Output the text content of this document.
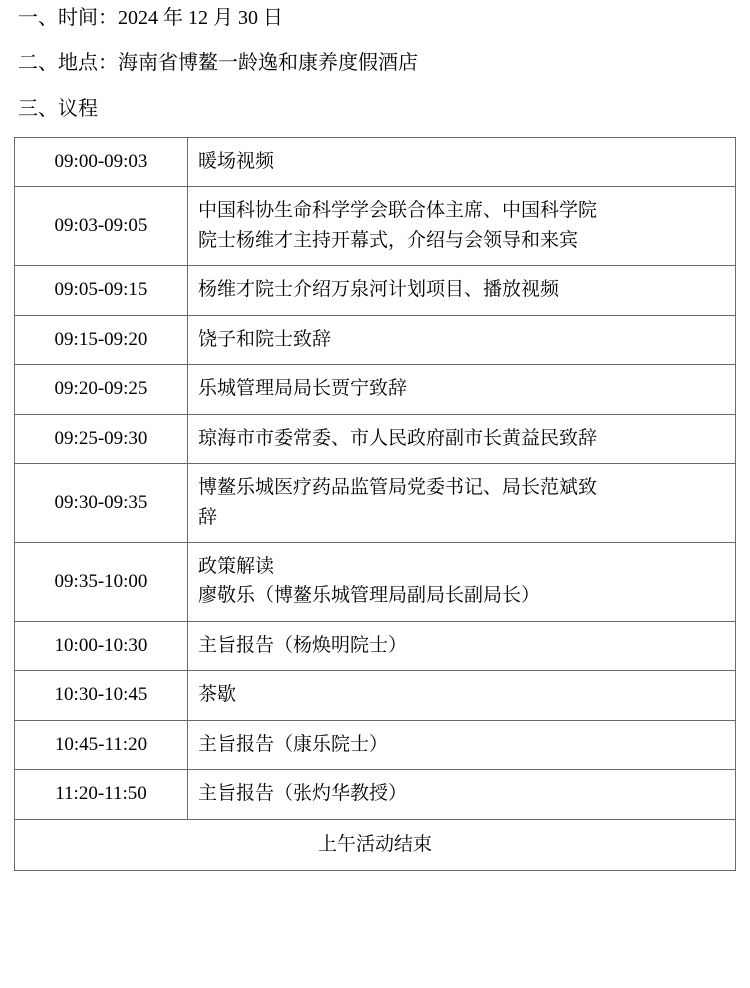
一、时间：2024 年 12 月 30 日
二、地点：海南省博鳌一龄逸和康养度假酒店
三、议程
09:00-09:03	暖场视频
09:03-09:05	中国科协生命科学学会联合体主席、中国科学院
院士杨维才主持开幕式，介绍与会领导和来宾

09:05-09:15	杨维才院士介绍万泉河计划项目、播放视频
09:15-09:20	饶子和院士致辞
09:20-09:25	乐城管理局局长贾宁致辞
09:25-09:30	琼海市市委常委、市人民政府副市长黄益民致辞
09:30-09:35	博鳌乐城医疗药品监管局党委书记、局长范斌致
辞

09:35-10:00	政策解读
廖敬乐（博鳌乐城管理局副局长副局长）

10:00-10:30	主旨报告（杨焕明院士）
10:30-10:45	茶歇
10:45-11:20	主旨报告（康乐院士）
11:20-11:50	主旨报告（张灼华教授）
上午活动结束	
